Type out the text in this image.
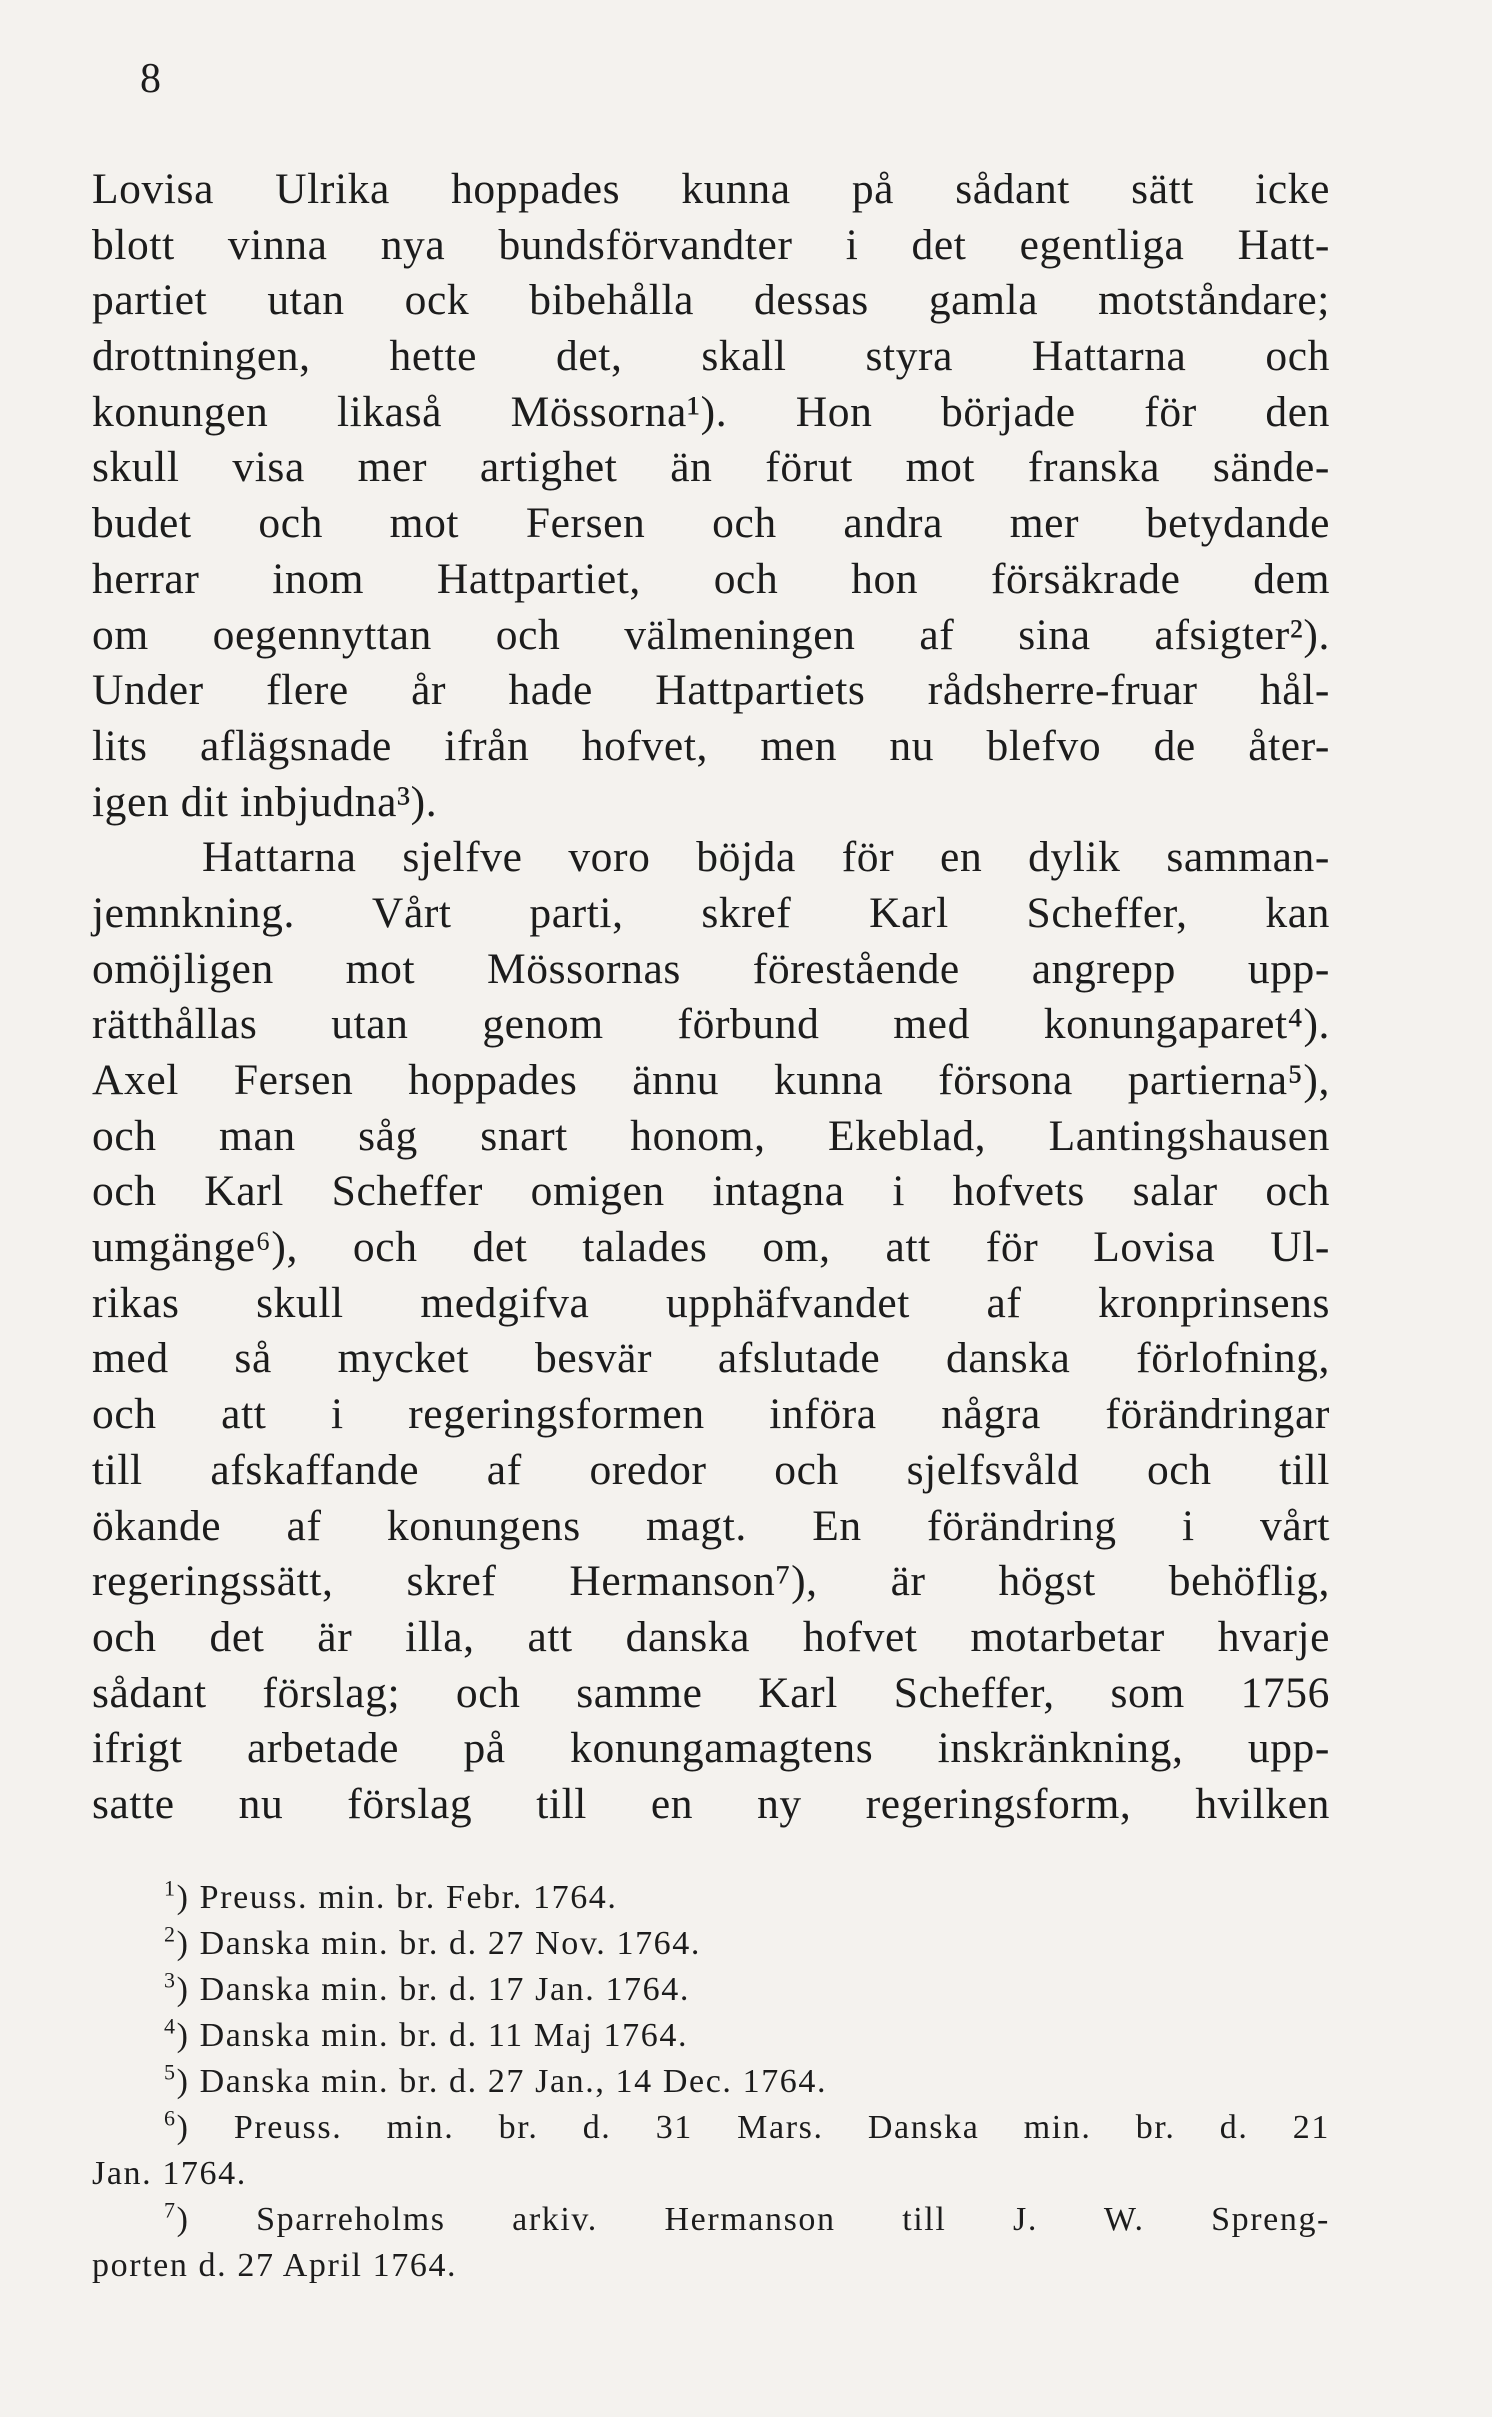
8
Lovisa Ulrika hoppades kunna på sådant sätt icke
blott vinna nya bundsförvandter i det egentliga Hatt-
partiet utan ock bibehålla dessas gamla motståndare;
drottningen, hette det, skall styra Hattarna och
konungen likaså Mössorna¹). Hon började för den
skull visa mer artighet än förut mot franska sände-
budet och mot Fersen och andra mer betydande
herrar inom Hattpartiet, och hon försäkrade dem
om oegennyttan och välmeningen af sina afsigter²).
Under flere år hade Hattpartiets rådsherre-fruar hål-
lits aflägsnade ifrån hofvet, men nu blefvo de åter-
igen dit inbjudna³).
Hattarna sjelfve voro böjda för en dylik samman-
jemnkning. Vårt parti, skref Karl Scheffer, kan
omöjligen mot Mössornas förestående angrepp upp-
rätthållas utan genom förbund med konungaparet⁴).
Axel Fersen hoppades ännu kunna försona partierna⁵),
och man såg snart honom, Ekeblad, Lantingshausen
och Karl Scheffer omigen intagna i hofvets salar och
umgänge⁶), och det talades om, att för Lovisa Ul-
rikas skull medgifva upphäfvandet af kronprinsens
med så mycket besvär afslutade danska förlofning,
och att i regeringsformen införa några förändringar
till afskaffande af oredor och sjelfsvåld och till
ökande af konungens magt. En förändring i vårt
regeringssätt, skref Hermanson⁷), är högst behöflig,
och det är illa, att danska hofvet motarbetar hvarje
sådant förslag; och samme Karl Scheffer, som 1756
ifrigt arbetade på konungamagtens inskränkning, upp-
satte nu förslag till en ny regeringsform, hvilken
$^1$) Preuss. min. br. Febr. 1764.
$^2$) Danska min. br. d. 27 Nov. 1764.
$^3$) Danska min. br. d. 17 Jan. 1764.
$^4$) Danska min. br. d. 11 Maj 1764.
$^5$) Danska min. br. d. 27 Jan., 14 Dec. 1764.
$^6$) Preuss. min. br. d. 31 Mars. Danska min. br. d. 21
Jan. 1764.
$^7$) Sparreholms arkiv. Hermanson till J. W. Spreng-
porten d. 27 April 1764.
